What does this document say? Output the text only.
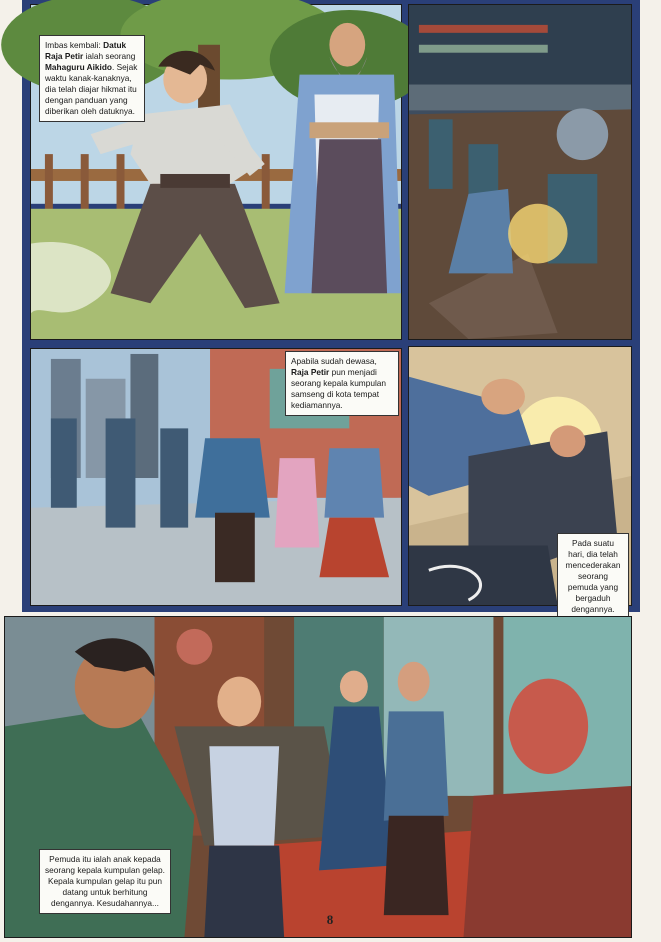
Imbas kembali: Datuk Raja Petir ialah seorang Mahaguru Aikido. Sejak waktu kanak-kanaknya, dia telah diajar hikmat itu dengan panduan yang diberikan oleh datuknya.
Apabila sudah dewasa, Raja Petir pun menjadi seorang kepala kumpulan samseng di kota tempat kediamannya.
Pada suatu hari, dia telah mencederakan seorang pemuda yang bergaduh dengannya.
Pemuda itu ialah anak kepada seorang kepala kumpulan gelap. Kepala kumpulan gelap itu pun datang untuk berhitung dengannya. Kesudahannya...
8
